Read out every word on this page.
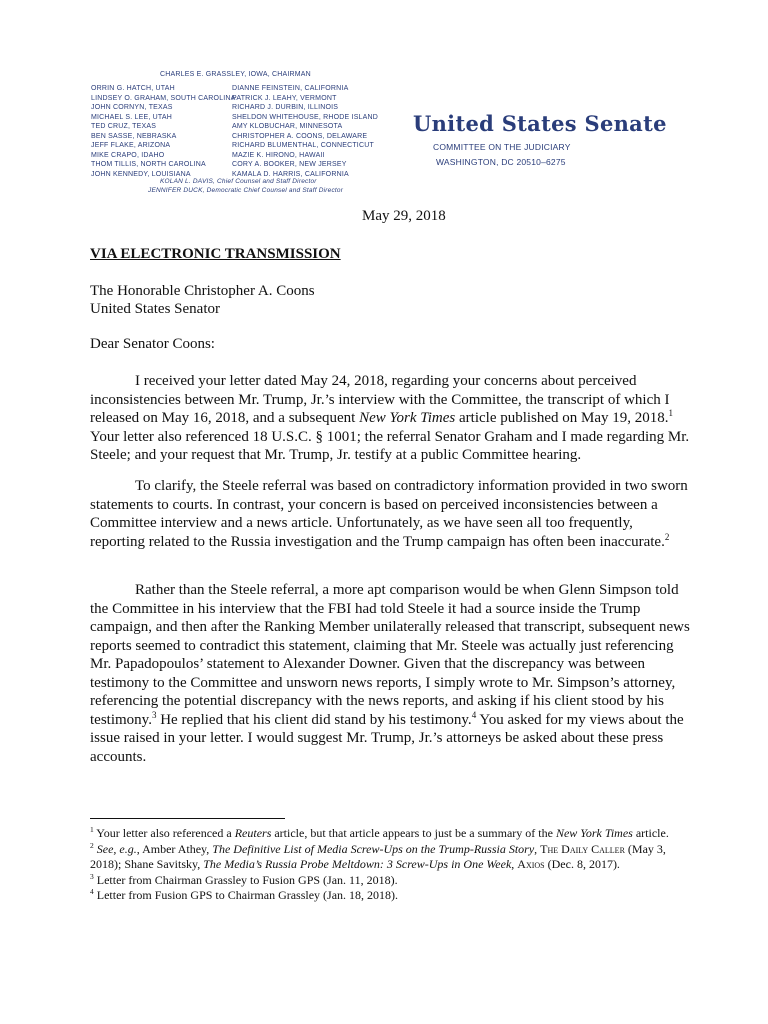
CHARLES E. GRASSLEY, IOWA, CHAIRMAN
ORRIN G. HATCH, UTAH
LINDSEY O. GRAHAM, SOUTH CAROLINA
JOHN CORNYN, TEXAS
MICHAEL S. LEE, UTAH
TED CRUZ, TEXAS
BEN SASSE, NEBRASKA
JEFF FLAKE, ARIZONA
MIKE CRAPO, IDAHO
THOM TILLIS, NORTH CAROLINA
JOHN KENNEDY, LOUISIANA
DIANNE FEINSTEIN, CALIFORNIA
PATRICK J. LEAHY, VERMONT
RICHARD J. DURBIN, ILLINOIS
SHELDON WHITEHOUSE, RHODE ISLAND
AMY KLOBUCHAR, MINNESOTA
CHRISTOPHER A. COONS, DELAWARE
RICHARD BLUMENTHAL, CONNECTICUT
MAZIE K. HIRONO, HAWAII
CORY A. BOOKER, NEW JERSEY
KAMALA D. HARRIS, CALIFORNIA
KOLAN L. DAVIS, Chief Counsel and Staff Director
JENNIFER DUCK, Democratic Chief Counsel and Staff Director
United States Senate
COMMITTEE ON THE JUDICIARY
WASHINGTON, DC 20510–6275
May 29, 2018
VIA ELECTRONIC TRANSMISSION
The Honorable Christopher A. Coons
United States Senator
Dear Senator Coons:

I received your letter dated May 24, 2018, regarding your concerns about perceived inconsistencies between Mr. Trump, Jr.’s interview with the Committee, the transcript of which I released on May 16, 2018, and a subsequent New York Times article published on May 19, 2018.$^1$ Your letter also referenced 18 U.S.C. § 1001; the referral Senator Graham and I made regarding Mr. Steele; and your request that Mr. Trump, Jr. testify at a public Committee hearing.

To clarify, the Steele referral was based on contradictory information provided in two sworn statements to courts. In contrast, your concern is based on perceived inconsistencies between a Committee interview and a news article. Unfortunately, as we have seen all too frequently, reporting related to the Russia investigation and the Trump campaign has often been inaccurate.$^2$

Rather than the Steele referral, a more apt comparison would be when Glenn Simpson told the Committee in his interview that the FBI had told Steele it had a source inside the Trump campaign, and then after the Ranking Member unilaterally released that transcript, subsequent news reports seemed to contradict this statement, claiming that Mr. Steele was actually just referencing Mr. Papadopoulos’ statement to Alexander Downer. Given that the discrepancy was between testimony to the Committee and unsworn news reports, I simply wrote to Mr. Simpson’s attorney, referencing the potential discrepancy with the news reports, and asking if his client stood by his testimony.$^3$ He replied that his client did stand by his testimony.$^4$ You asked for my views about the issue raised in your letter. I would suggest Mr. Trump, Jr.’s attorneys be asked about these press accounts.

$^1$ Your letter also referenced a Reuters article, but that article appears to just be a summary of the New York Times article.

$^2$ See, e.g., Amber Athey, The Definitive List of Media Screw-Ups on the Trump-Russia Story, The Daily Caller (May 3, 2018); Shane Savitsky, The Media’s Russia Probe Meltdown: 3 Screw-Ups in One Week, Axios (Dec. 8, 2017).

$^3$ Letter from Chairman Grassley to Fusion GPS (Jan. 11, 2018).

$^4$ Letter from Fusion GPS to Chairman Grassley (Jan. 18, 2018).
